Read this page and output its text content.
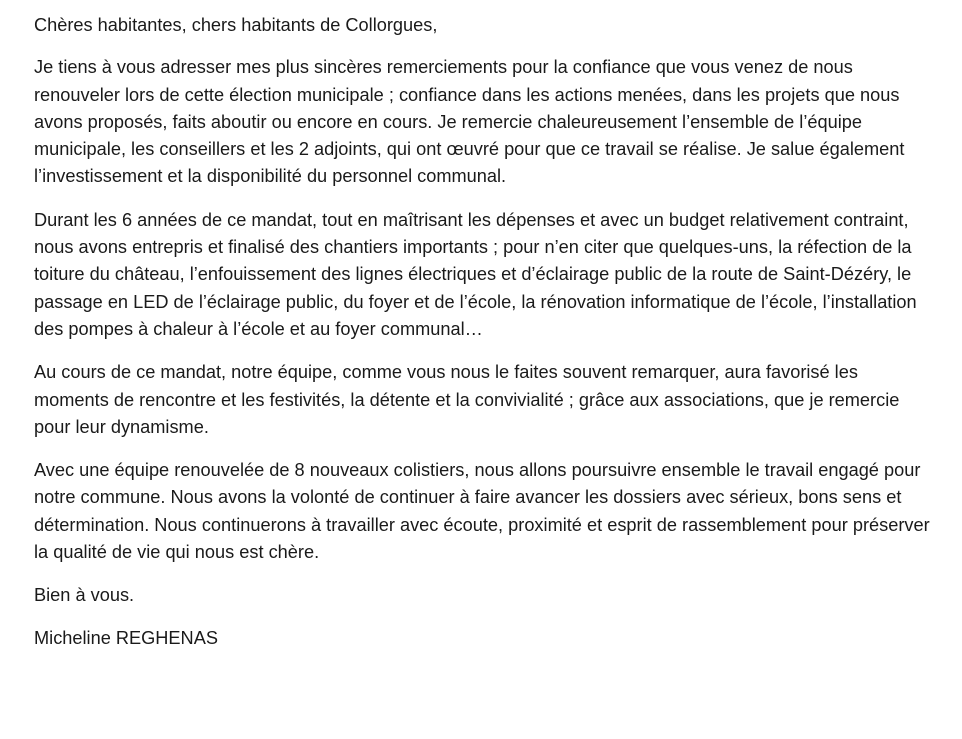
Chères habitantes, chers habitants de Collorgues,

Je tiens à vous adresser mes plus sincères remerciements pour la confiance que vous venez de nous renouveler lors de cette élection municipale ; confiance dans les actions menées, dans les projets que nous avons proposés, faits aboutir ou encore en cours. Je remercie chaleureusement l’ensemble de l’équipe municipale, les conseillers et les 2 adjoints, qui ont œuvré pour que ce travail se réalise. Je salue également l’investissement et la disponibilité du personnel communal.

Durant les 6 années de ce mandat, tout en maîtrisant les dépenses et avec un budget relativement contraint, nous avons entrepris et finalisé des chantiers importants ; pour n’en citer que quelques-uns, la réfection de la toiture du château, l’enfouissement des lignes électriques et d’éclairage public de la route de Saint-Dézéry, le passage en LED de l’éclairage public, du foyer et de l’école, la rénovation informatique de l’école, l’installation des pompes à chaleur à l’école et au foyer communal…

Au cours de ce mandat, notre équipe, comme vous nous le faites souvent remarquer, aura favorisé les moments de rencontre et les festivités, la détente et la convivialité ; grâce aux associations, que je remercie pour leur dynamisme.

Avec une équipe renouvelée de 8 nouveaux colistiers, nous allons poursuivre ensemble le travail engagé pour notre commune. Nous avons la volonté de continuer à faire avancer les dossiers avec sérieux, bons sens et détermination. Nous continuerons à travailler avec écoute, proximité et esprit de rassemblement pour préserver la qualité de vie qui nous est chère.

Bien à vous.

Micheline REGHENAS
